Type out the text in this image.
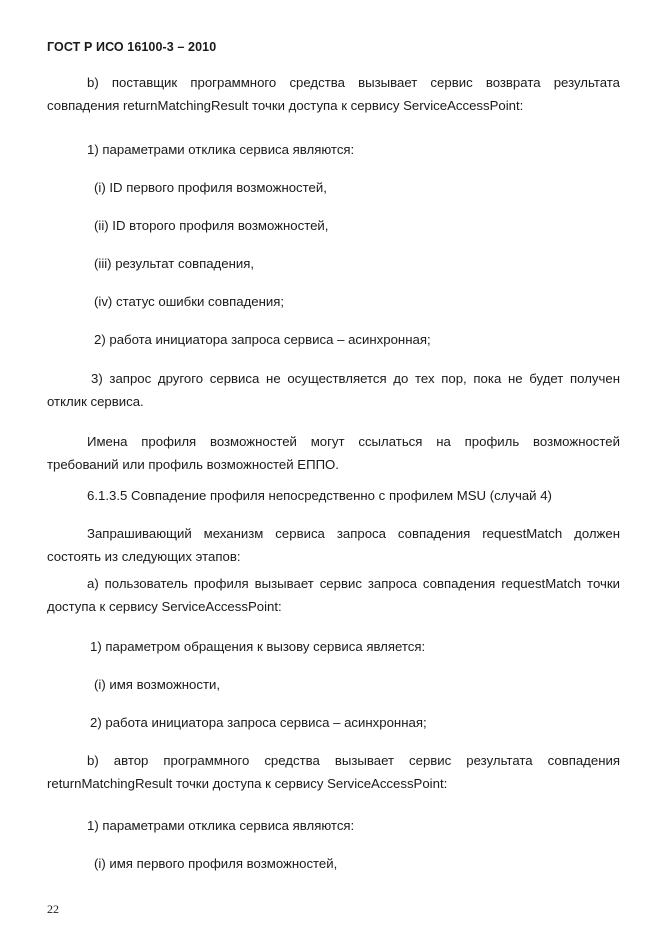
ГОСТ Р ИСО 16100-3 – 2010
b) поставщик программного средства вызывает сервис возврата результата совпадения returnMatchingResult точки доступа к сервису ServiceAccessPoint:
1) параметрами отклика сервиса являются:
(i) ID первого профиля возможностей,
(ii) ID второго профиля возможностей,
(iii) результат совпадения,
(iv) статус ошибки совпадения;
2) работа инициатора запроса сервиса – асинхронная;
3) запрос другого сервиса не осуществляется до тех пор, пока не будет получен отклик сервиса.
Имена профиля возможностей могут ссылаться на профиль возможностей требований или профиль возможностей ЕППО.
6.1.3.5 Совпадение профиля непосредственно с профилем MSU (случай 4)
Запрашивающий механизм сервиса запроса совпадения requestMatch должен состоять из следующих этапов:
а) пользователь профиля вызывает сервис запроса совпадения requestMatch точки доступа к сервису ServiceAccessPoint:
1) параметром обращения к вызову сервиса является:
(i) имя возможности,
2) работа инициатора запроса сервиса – асинхронная;
b) автор программного средства вызывает сервис результата совпадения returnMatchingResult точки доступа к сервису ServiceAccessPoint:
1) параметрами отклика сервиса являются:
(i) имя первого профиля возможностей,
22
